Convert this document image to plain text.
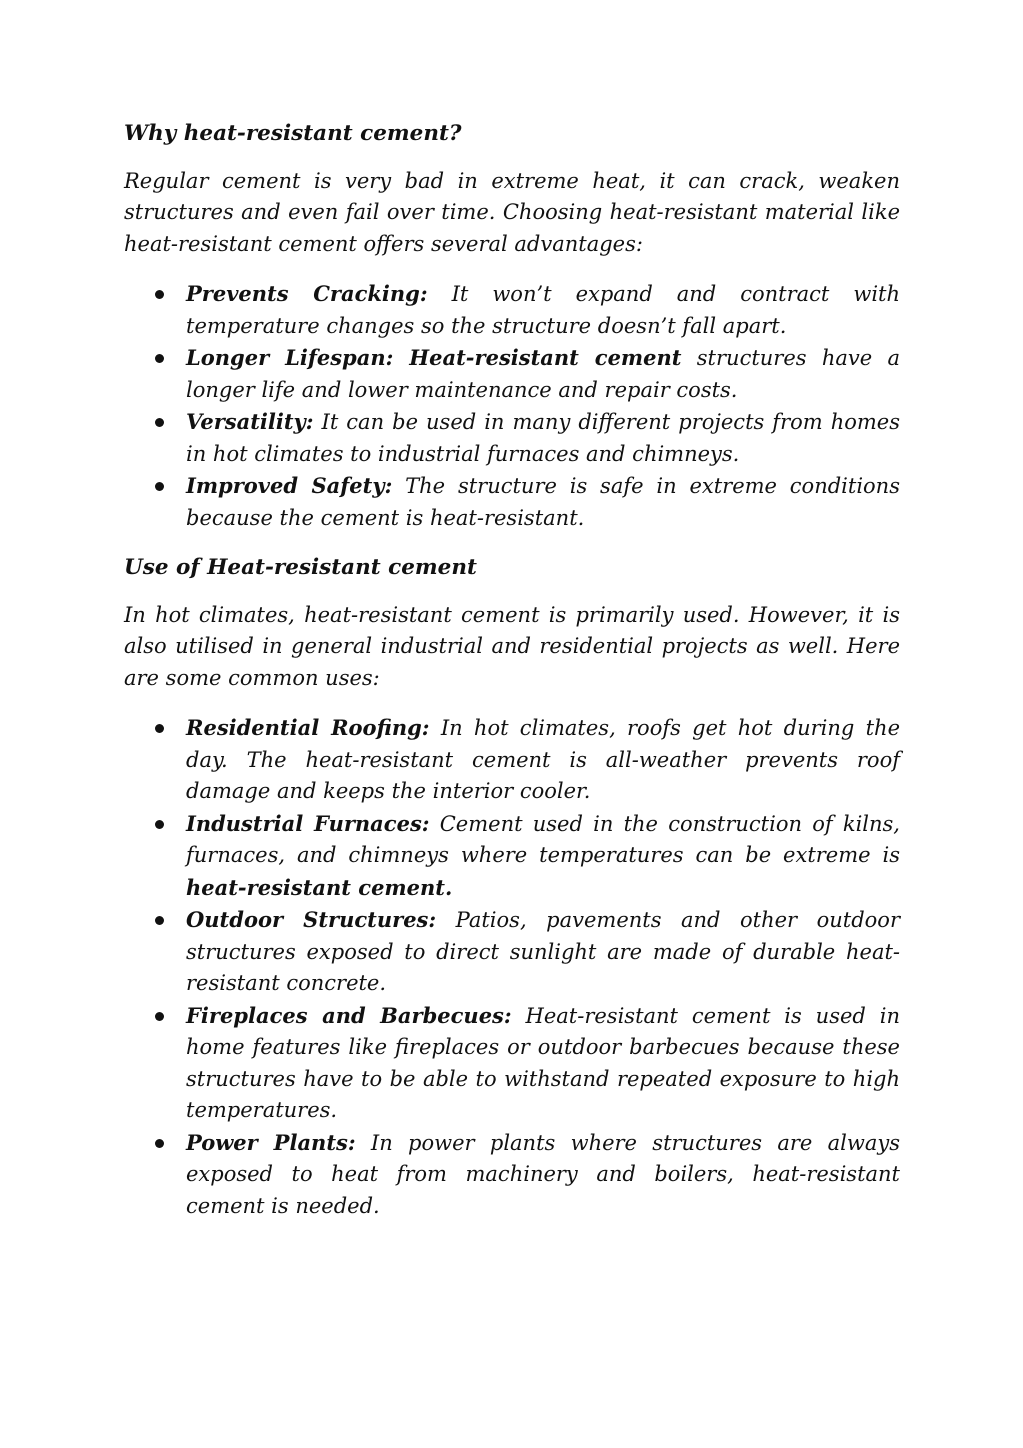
Why heat-resistant cement?

Regular cement is very bad in extreme heat, it can crack, weaken structures and even fail over time. Choosing heat-resistant material like heat-resistant cement offers several advantages:

Prevents Cracking: It won’t expand and contract with temperature changes so the structure doesn’t fall apart.
Longer Lifespan: Heat-resistant cement structures have a longer life and lower maintenance and repair costs.
Versatility: It can be used in many different projects from homes in hot climates to industrial furnaces and chimneys.
Improved Safety: The structure is safe in extreme conditions because the cement is heat-resistant.

Use of Heat-resistant cement

In hot climates, heat-resistant cement is primarily used. However, it is also utilised in general industrial and residential projects as well. Here are some common uses:

Residential Roofing: In hot climates, roofs get hot during the day. The heat-resistant cement is all-weather prevents roof damage and keeps the interior cooler.
Industrial Furnaces: Cement used in the construction of kilns, furnaces, and chimneys where temperatures can be extreme is heat-resistant cement.
Outdoor Structures: Patios, pavements and other outdoor structures exposed to direct sunlight are made of durable heat-resistant concrete.
Fireplaces and Barbecues: Heat-resistant cement is used in home features like fireplaces or outdoor barbecues because these structures have to be able to withstand repeated exposure to high temperatures.
Power Plants: In power plants where structures are always exposed to heat from machinery and boilers, heat-resistant cement is needed.
